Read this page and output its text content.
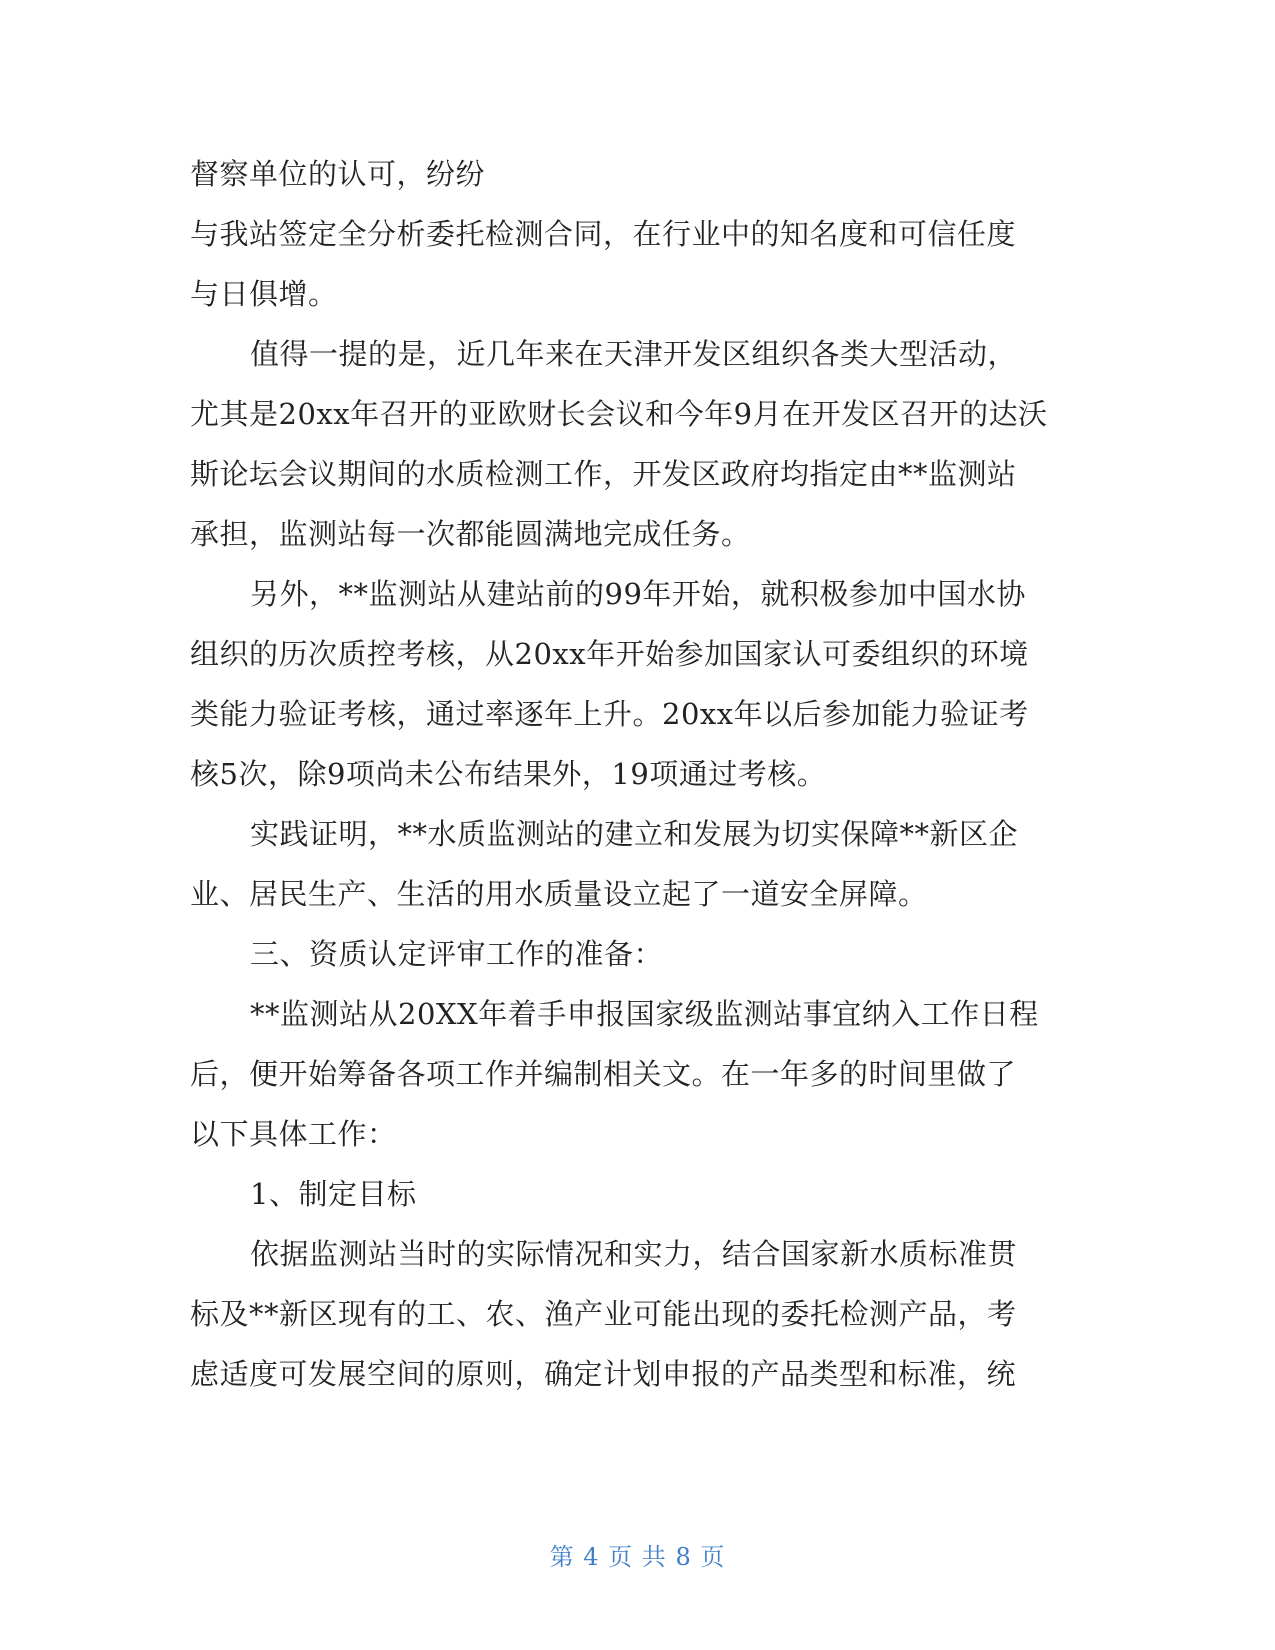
督察单位的认可，纷纷
与我站签定全分析委托检测合同，在行业中的知名度和可信任度
与日俱增。
值得一提的是，近几年来在天津开发区组织各类大型活动，
尤其是20xx年召开的亚欧财长会议和今年9月在开发区召开的达沃
斯论坛会议期间的水质检测工作，开发区政府均指定由**监测站
承担，监测站每一次都能圆满地完成任务。
另外，**监测站从建站前的99年开始，就积极参加中国水协
组织的历次质控考核，从20xx年开始参加国家认可委组织的环境
类能力验证考核，通过率逐年上升。20xx年以后参加能力验证考
核5次，除9项尚未公布结果外，19项通过考核。
实践证明，**水质监测站的建立和发展为切实保障**新区企
业、居民生产、生活的用水质量设立起了一道安全屏障。
三、资质认定评审工作的准备：
**监测站从20XX年着手申报国家级监测站事宜纳入工作日程
后，便开始筹备各项工作并编制相关文。在一年多的时间里做了
以下具体工作：
1、制定目标
依据监测站当时的实际情况和实力，结合国家新水质标准贯
标及**新区现有的工、农、渔产业可能出现的委托检测产品，考
虑适度可发展空间的原则，确定计划申报的产品类型和标准，统
第 4 页 共 8 页
